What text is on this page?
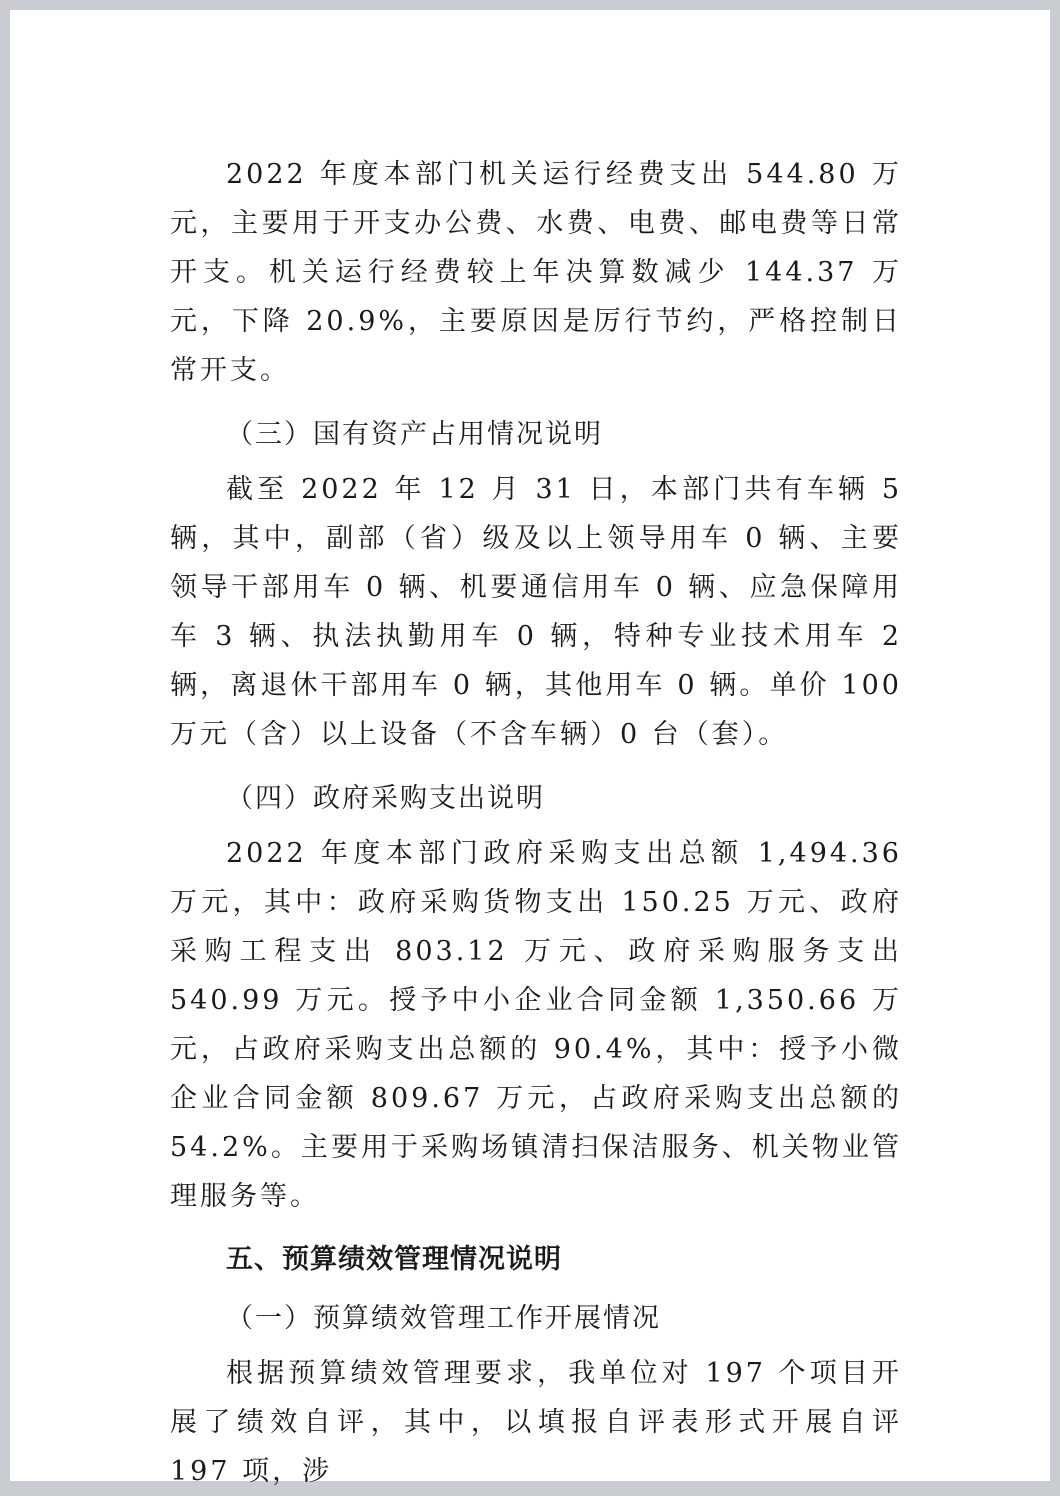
2022 年度本部门机关运行经费支出 544.80 万元，主要用于开支办公费、水费、电费、邮电费等日常开支。机关运行经费较上年决算数减少 144.37 万元，下降 20.9%，主要原因是厉行节约，严格控制日常开支。

（三）国有资产占用情况说明

截至 2022 年 12 月 31 日，本部门共有车辆 5 辆，其中，副部（省）级及以上领导用车 0 辆、主要领导干部用车 0 辆、机要通信用车 0 辆、应急保障用车 3 辆、执法执勤用车 0 辆，特种专业技术用车 2 辆，离退休干部用车 0 辆，其他用车 0 辆。单价 100 万元（含）以上设备（不含车辆）0 台（套）。

（四）政府采购支出说明

2022 年度本部门政府采购支出总额 1,494.36 万元，其中：政府采购货物支出 150.25 万元、政府采购工程支出 803.12 万元、政府采购服务支出 540.99 万元。授予中小企业合同金额 1,350.66 万元，占政府采购支出总额的 90.4%，其中：授予小微企业合同金额 809.67 万元，占政府采购支出总额的 54.2%。主要用于采购场镇清扫保洁服务、机关物业管理服务等。

五、预算绩效管理情况说明

（一）预算绩效管理工作开展情况

根据预算绩效管理要求，我单位对 197 个项目开展了绩效自评，其中，以填报自评表形式开展自评 197 项，涉
